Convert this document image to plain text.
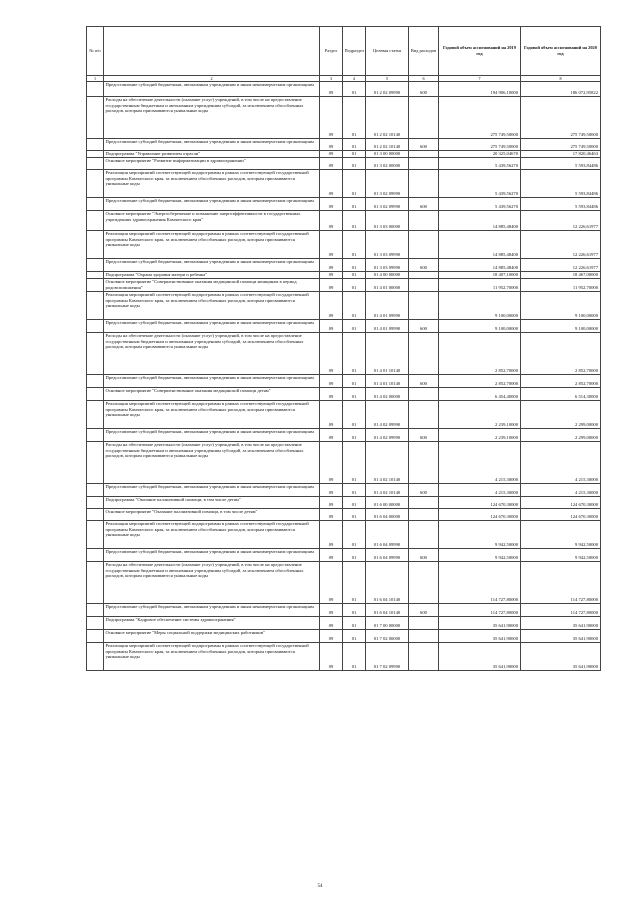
№ п/п		Раздел	Подраздел	Целевая статья	Вид расходов	Годовой объем ассигнований на 2019 год	Годовой объем ассигнований на 2020 год
1	2	3	4	5	6	7	8
	Предоставление субсидий бюджетным, автономным учреждениям и иным некоммерческим организациям	09	01	01 2 02 09990	600	194 906,10000	186 072,95822
	Расходы на обеспечение деятельности (оказание услуг) учреждений, в том числе на предоставление государственным бюджетным и автономным учреждениям субсидий, за исключением обособленных расходов, которым присваиваются уникальные коды	09	01	01 2 02 10140		275 749,50000	275 749,50000
	Предоставление субсидий бюджетным, автономным учреждениям и иным некоммерческим организациям	09	01	01 2 02 10140	600	275 749,50000	275 749,50000
	Подпрограмма "Управление развитием отрасли"	09	01	01 3 00 00000		20 325,04670	17 820,46463
	Основное мероприятие "Развитие информатизации в здравоохранении"	09	01	01 3 02 00000		5 439,56270	5 593,84486
	Реализация мероприятий соответствующей подпрограммы в рамках соответствующей государственной программы Камчатского края, за исключением обособленных расходов, которым присваиваются уникальные коды	09	01	01 3 02 09990		5 439,56270	5 593,84486
	Предоставление субсидий бюджетным, автономным учреждениям и иным некоммерческим организациям	09	01	01 3 02 09990	600	5 439,56270	5 593,84486
	Основное мероприятие "Энергосбережение и повышение энергоэффективности в государственных учреждениях здравоохранения Камчатского края"	09	01	01 3 03 00000		14 885,48400	12 226,61977
	Реализация мероприятий соответствующей подпрограммы в рамках соответствующей государственной программы Камчатского края, за исключением обособленных расходов, которым присваиваются уникальные коды	09	01	01 3 03 09990		14 885,48400	12 226,61977
	Предоставление субсидий бюджетным, автономным учреждениям и иным некоммерческим организациям	09	01	01 3 03 09990	600	14 885,48400	12 226,61977
	Подпрограмма "Охрана здоровья матери и ребенка"	09	01	01 4 00 00000		18 407,10000	18 467,00000
	Основное мероприятие "Совершенствование оказания медицинской помощи женщинам в период родовспоможения"	09	01	01 4 01 00000		11 952,70000	11 952,70000
	Реализация мероприятий соответствующей подпрограммы в рамках соответствующей государственной программы Камчатского края, за исключением обособленных расходов, которым присваиваются уникальные коды	09	01	01 4 01 09990		9 100,00000	9 100,00000
	Предоставление субсидий бюджетным, автономным учреждениям и иным некоммерческим организациям	09	01	01 4 01 09990	600	9 100,00000	9 100,00000
	Расходы на обеспечение деятельности (оказание услуг) учреждений, в том числе на предоставление государственным бюджетным и автономным учреждениям субсидий, за исключением обособленных расходов, которым присваиваются уникальные коды	09	01	01 4 01 10140		2 852,70000	2 852,70000
	Предоставление субсидий бюджетным, автономным учреждениям и иным некоммерческим организациям	09	01	01 4 01 10140	600	2 852,70000	2 852,70000
	Основное мероприятие "Совершенствование оказания медицинской помощи детям"	09	01	01 4 02 00000		6 454,40000	6 514,30000
	Реализация мероприятий соответствующей подпрограммы в рамках соответствующей государственной программы Камчатского края, за исключением обособленных расходов, которым присваиваются уникальные коды	09	01	01 4 02 09990		2 239,10000	2 299,00000
	Предоставление субсидий бюджетным, автономным учреждениям и иным некоммерческим организациям	09	01	01 4 02 09990	600	2 239,10000	2 299,00000
	Расходы на обеспечение деятельности (оказание услуг) учреждений, в том числе на предоставление государственным бюджетным и автономным учреждениям субсидий, за исключением обособленных расходов, которым присваиваются уникальные коды	09	01	01 4 02 10140		4 215,30000	4 215,30000
	Предоставление субсидий бюджетным, автономным учреждениям и иным некоммерческим организациям	09	01	01 4 02 10140	600	4 215,30000	4 215,30000
	Подпрограмма "Оказание паллиативной помощи, в том числе детям"	09	01	01 6 00 00000		124 670,30000	124 670,30000
	Основное мероприятие "Оказание паллиативной помощи, в том числе детям"	09	01	01 6 04 00000		124 670,30000	124 670,30000
	Реализация мероприятий соответствующей подпрограммы в рамках соответствующей государственной программы Камчатского края, за исключением обособленных расходов, которым присваиваются уникальные коды	09	01	01 6 04 09990		9 942,50000	9 942,50000
	Предоставление субсидий бюджетным, автономным учреждениям и иным некоммерческим организациям	09	01	01 6 04 09990	600	9 942,50000	9 942,50000
	Расходы на обеспечение деятельности (оказание услуг) учреждений, в том числе на предоставление государственным бюджетным и автономным учреждениям субсидий, за исключением обособленных расходов, которым присваиваются уникальные коды	09	01	01 6 04 10140		114 727,80000	114 727,80000
	Предоставление субсидий бюджетным, автономным учреждениям и иным некоммерческим организациям	09	01	01 6 04 10140	600	114 727,80000	114 727,80000
	Подпрограмма "Кадровое обеспечение системы здравоохранения"	09	01	01 7 00 00000		35 641,90000	35 641,90000
	Основное мероприятие "Меры социальной поддержки медицинских работников"	09	01	01 7 02 00000		35 641,90000	35 641,90000
	Реализация мероприятий соответствующей подпрограммы в рамках соответствующей государственной программы Камчатского края, за исключением обособленных расходов, которым присваиваются уникальные коды	09	01	01 7 02 09990		35 641,90000	35 641,90000
54
